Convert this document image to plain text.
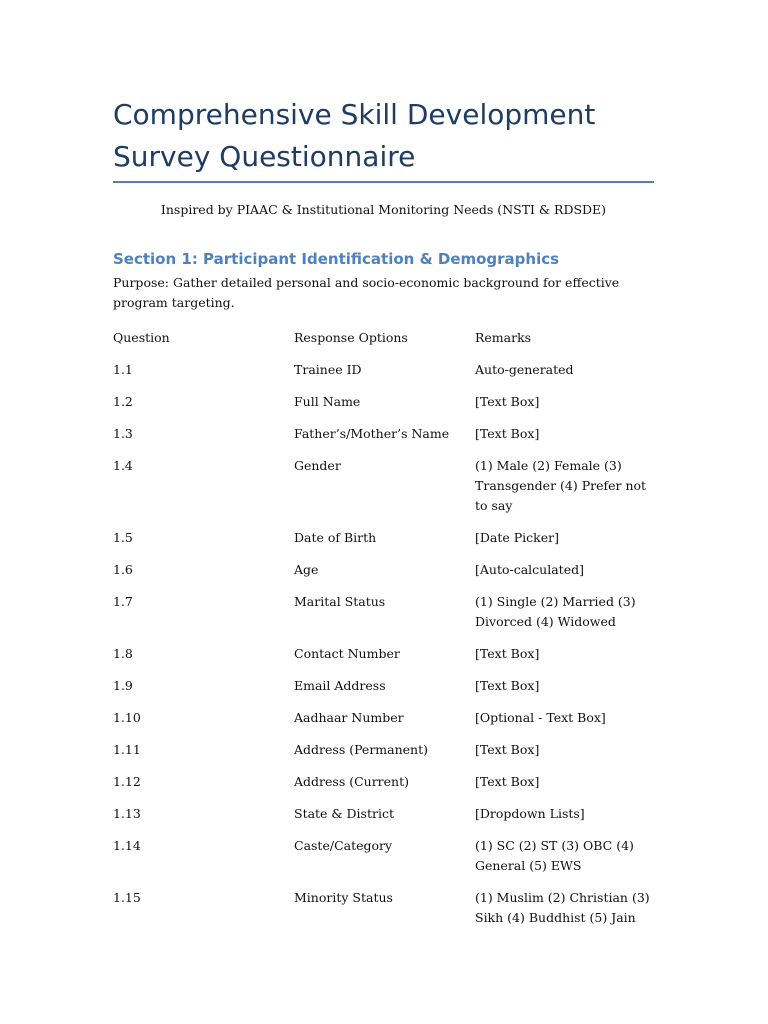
Comprehensive Skill Development
Survey Questionnaire
Inspired by PIAAC & Institutional Monitoring Needs (NSTI & RDSDE)
Section 1: Participant Identification & Demographics
Purpose: Gather detailed personal and socio-economic background for effective program targeting.
Question	Response Options	Remarks
1.1	Trainee ID	Auto-generated
1.2	Full Name	[Text Box]
1.3	Father’s/Mother’s Name	[Text Box]
1.4	Gender	(1) Male (2) Female (3) Transgender (4) Prefer not to say
1.5	Date of Birth	[Date Picker]
1.6	Age	[Auto-calculated]
1.7	Marital Status	(1) Single (2) Married (3) Divorced (4) Widowed
1.8	Contact Number	[Text Box]
1.9	Email Address	[Text Box]
1.10	Aadhaar Number	[Optional - Text Box]
1.11	Address (Permanent)	[Text Box]
1.12	Address (Current)	[Text Box]
1.13	State & District	[Dropdown Lists]
1.14	Caste/Category	(1) SC (2) ST (3) OBC (4) General (5) EWS
1.15	Minority Status	(1) Muslim (2) Christian (3) Sikh (4) Buddhist (5) Jain
